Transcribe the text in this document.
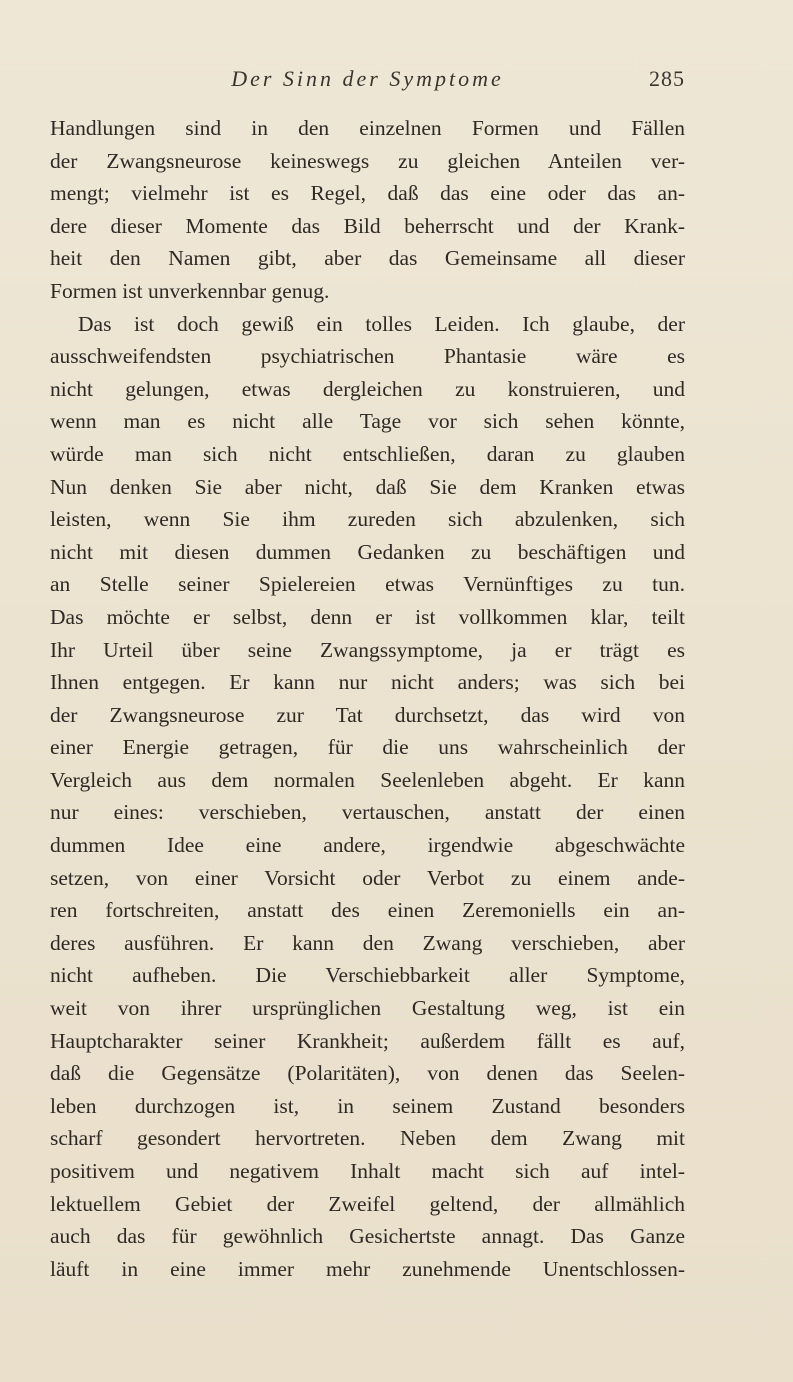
Der Sinn der Symptome	285
Handlungen sind in den einzelnen Formen und Fällen
der Zwangsneurose keineswegs zu gleichen Anteilen ver-
mengt; vielmehr ist es Regel, daß das eine oder das an-
dere dieser Momente das Bild beherrscht und der Krank-
heit den Namen gibt, aber das Gemeinsame all dieser
Formen ist unverkennbar genug.
Das ist doch gewiß ein tolles Leiden. Ich glaube, der
ausschweifendsten psychiatrischen Phantasie wäre es
nicht gelungen, etwas dergleichen zu konstruieren, und
wenn man es nicht alle Tage vor sich sehen könnte,
würde man sich nicht entschließen, daran zu glauben
Nun denken Sie aber nicht, daß Sie dem Kranken etwas
leisten, wenn Sie ihm zureden sich abzulenken, sich
nicht mit diesen dummen Gedanken zu beschäftigen und
an Stelle seiner Spielereien etwas Vernünftiges zu tun.
Das möchte er selbst, denn er ist vollkommen klar, teilt
Ihr Urteil über seine Zwangssymptome, ja er trägt es
Ihnen entgegen. Er kann nur nicht anders; was sich bei
der Zwangsneurose zur Tat durchsetzt, das wird von
einer Energie getragen, für die uns wahrscheinlich der
Vergleich aus dem normalen Seelenleben abgeht. Er kann
nur eines: verschieben, vertauschen, anstatt der einen
dummen Idee eine andere, irgendwie abgeschwächte
setzen, von einer Vorsicht oder Verbot zu einem ande-
ren fortschreiten, anstatt des einen Zeremoniells ein an-
deres ausführen. Er kann den Zwang verschieben, aber
nicht aufheben. Die Verschiebbarkeit aller Symptome,
weit von ihrer ursprünglichen Gestaltung weg, ist ein
Hauptcharakter seiner Krankheit; außerdem fällt es auf,
daß die Gegensätze (Polaritäten), von denen das Seelen-
leben durchzogen ist, in seinem Zustand besonders
scharf gesondert hervortreten. Neben dem Zwang mit
positivem und negativem Inhalt macht sich auf intel-
lektuellem Gebiet der Zweifel geltend, der allmählich
auch das für gewöhnlich Gesichertste annagt. Das Ganze
läuft in eine immer mehr zunehmende Unentschlossen-
